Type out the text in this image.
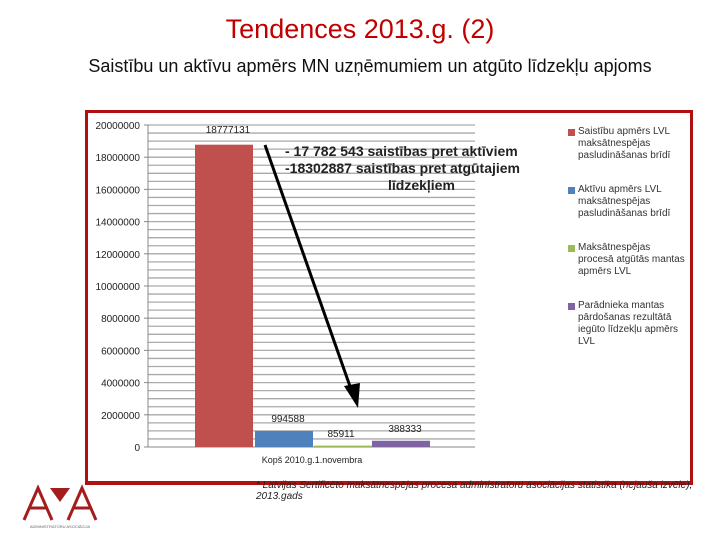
Tendences 2013.g. (2)
Saistību un aktīvu apmērs MN uzņēmumiem un atgūto līdzekļu apjoms
0
2000000
4000000
6000000
8000000
10000000
12000000
14000000
16000000
18000000
20000000	18777131
994588
85911	388333
Kopš 2010.g.1.novembra
- 17 782 543 saistības pret aktīviem
-18302887 saistības pret atgūtajiem
līdzekļiem
Saistību apmērs LVL maksātnespējas pasludināšanas brīdī
Aktīvu apmērs LVL maksātnespējas pasludināšanas brīdī
Maksātnespējas procesā atgūtās mantas apmērs LVL
Parādnieka mantas pārdošanas rezultātā iegūto līdzekļu apmērs LVL
* Latvijas Sertificēto maksātnespējas procesa administratoru asociācijas statistika (nejauša izvēle), 2013.gads
ADMINISTRATORU ASOCIĀCIJA
